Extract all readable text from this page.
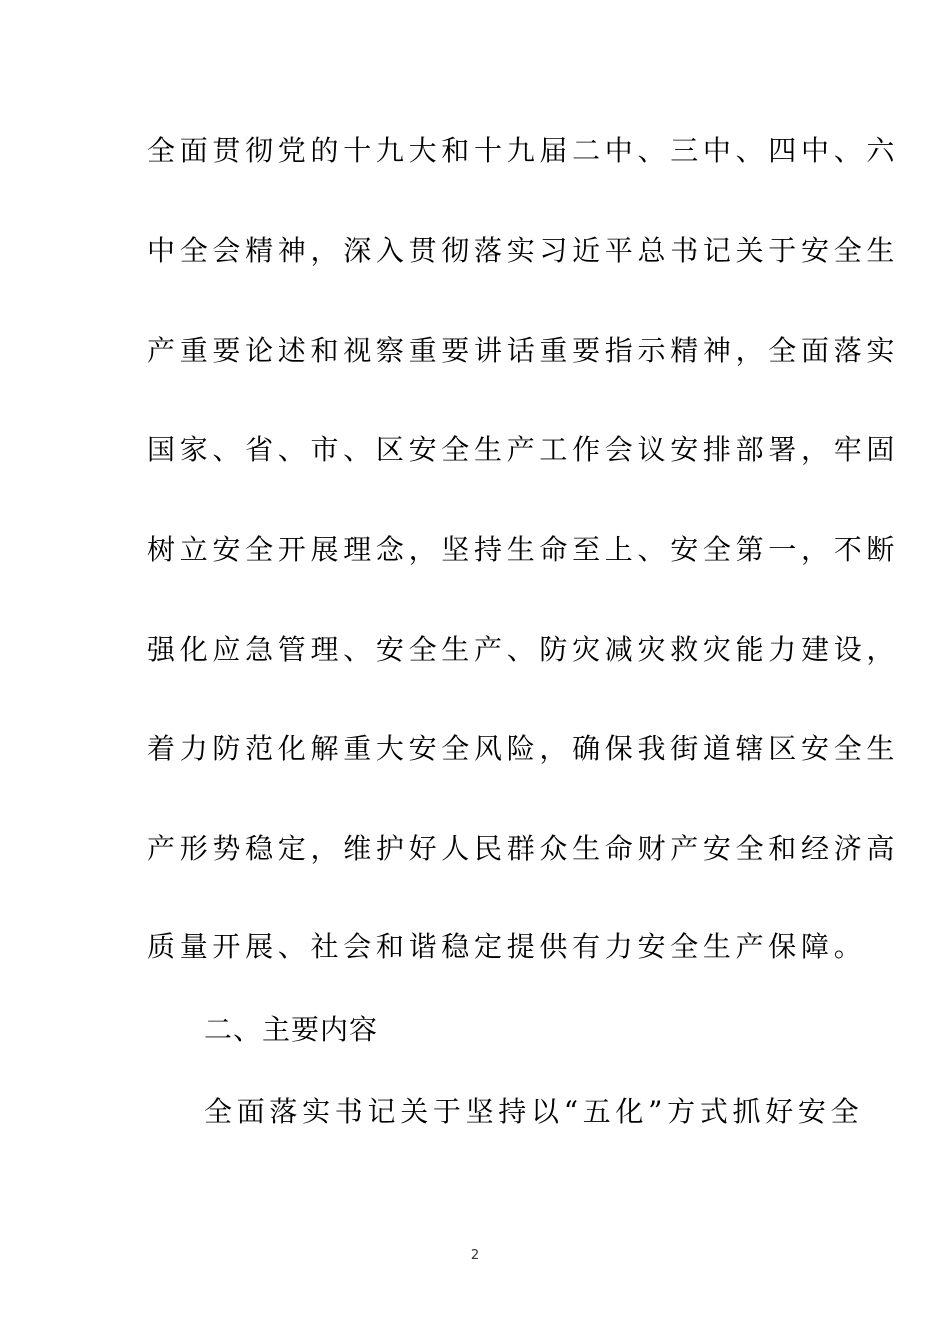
全面贯彻党的十九大和十九届二中、三中、四中、六
中全会精神，深入贯彻落实习近平总书记关于安全生
产重要论述和视察重要讲话重要指示精神，全面落实
国家、省、市、区安全生产工作会议安排部署，牢固
树立安全开展理念，坚持生命至上、安全第一，不断
强化应急管理、安全生产、防灾减灾救灾能力建设，
着力防范化解重大安全风险，确保我街道辖区安全生
产形势稳定，维护好人民群众生命财产安全和经济高
质量开展、社会和谐稳定提供有力安全生产保障。
二、主要内容
全面落实书记关于坚持以“五化”方式抓好安全
2
